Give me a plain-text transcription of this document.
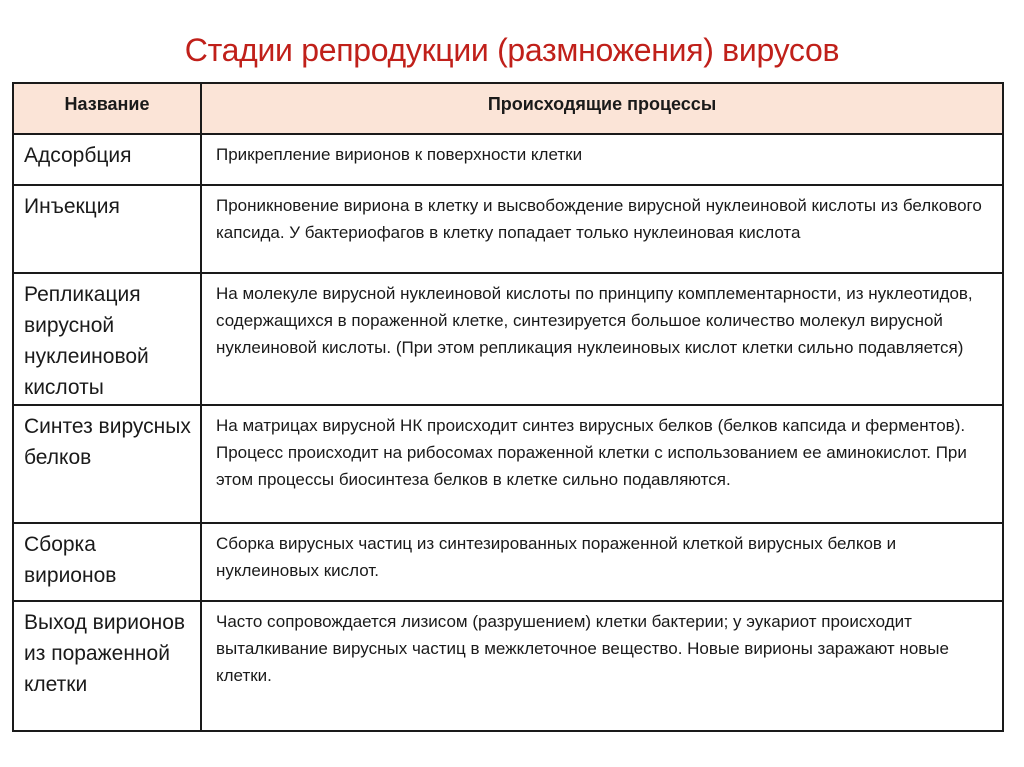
Стадии репродукции (размножения) вирусов
Название	Происходящие процессы
Адсорбция	Прикрепление вирионов к поверхности клетки
Инъекция	Проникновение вириона в клетку и высвобождение вирусной нуклеиновой кислоты из белкового капсида. У бактериофагов в клетку попадает только нуклеиновая кислота
Репликация вирусной нуклеиновой кислоты	На молекуле вирусной нуклеиновой кислоты по принципу комплементарности, из нуклеотидов, содержащихся в пораженной клетке, синтезируется большое количество молекул вирусной нуклеиновой кислоты. (При этом репликация нуклеиновых кислот клетки сильно подавляется)
Синтез вирусных белков	На матрицах вирусной НК происходит синтез вирусных белков (белков капсида и ферментов). Процесс происходит на рибосомах пораженной клетки с использованием ее аминокислот. При этом процессы биосинтеза белков в клетке сильно подавляются.
Сборка вирионов	Сборка вирусных частиц из синтезированных пораженной клеткой вирусных белков и нуклеиновых кислот.
Выход вирионов из пораженной клетки	Часто сопровождается лизисом (разрушением) клетки бактерии; у эукариот происходит выталкивание вирусных частиц в межклеточное вещество. Новые вирионы заражают новые клетки.
